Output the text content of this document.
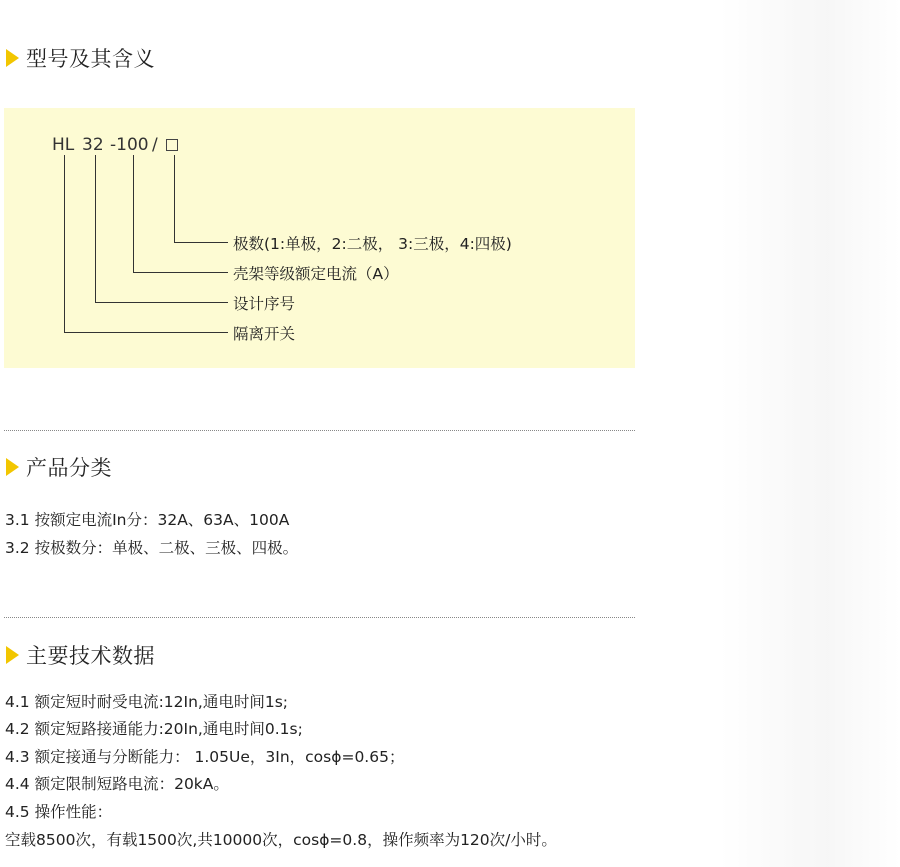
型号及其含义
HL 32 -100 /
极数(1:单极，2:二极， 3:三极，4:四极)
壳架等级额定电流（A）
设计序号
隔离开关
产品分类
3.1 按额定电流In分：32A、63A、100A
3.2 按极数分：单极、二极、三极、四极。
主要技术数据
4.1 额定短时耐受电流:12In,通电时间1s;
4.2 额定短路接通能力:20In,通电时间0.1s;
4.3 额定接通与分断能力： 1.05Ue，3In，cosϕ=0.65；
4.4 额定限制短路电流：20kA。
4.5 操作性能：
空载8500次，有载1500次,共10000次，cosϕ=0.8，操作频率为120次/小时。
